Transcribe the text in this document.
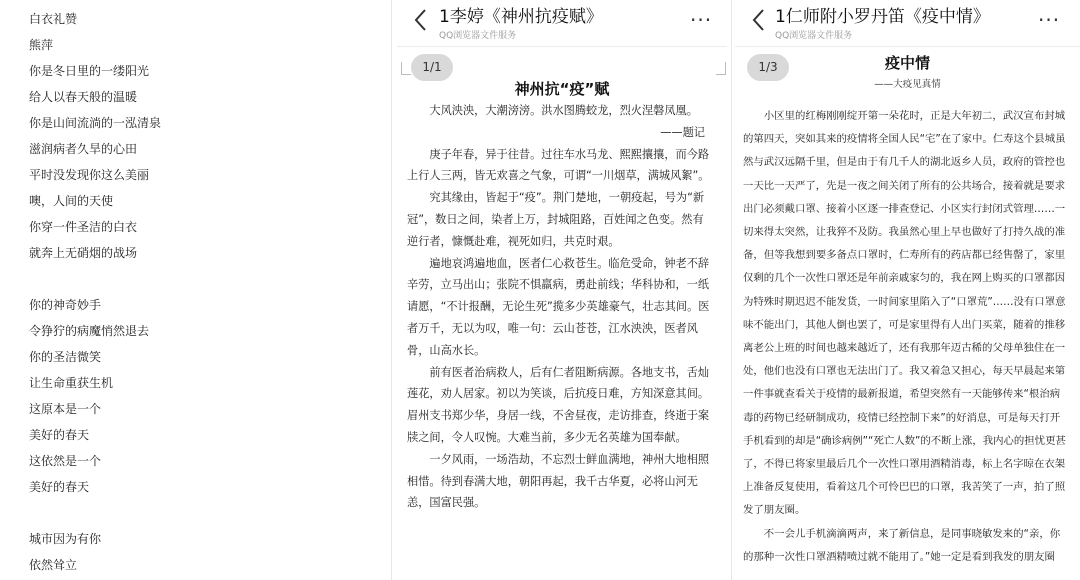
白衣礼赞
熊萍
你是冬日里的一缕阳光
给人以春天般的温暖
你是山间流淌的一泓清泉
滋润病者久旱的心田
平时没发现你这么美丽
噢，人间的天使
你穿一件圣洁的白衣
就奔上无硝烟的战场
你的神奇妙手
令狰狞的病魔悄然退去
你的圣洁微笑
让生命重获生机
这原本是一个
美好的春天
这依然是一个
美好的春天
城市因为有你
依然耸立
1李婷《神州抗疫赋》
QQ浏览器文件服务
···
1/1
神州抗“疫”赋

大风泱泱，大潮滂滂。洪水图腾蛟龙，烈火涅磐凤凰。

——题记

庚子年春，异于往昔。过往车水马龙、熙熙攘攘，而今路上行人三两，皆无欢喜之气象，可谓“一川烟草，满城风絮”。

究其缘由，皆起于“疫”。荆门楚地，一朝疫起，号为“新冠”，数日之间，染者上万，封城阻路，百姓闻之色变。然有逆行者，慷慨赴难，视死如归，共克时艰。

遍地哀鸿遍地血，医者仁心救苍生。临危受命，钟老不辞辛劳，立马出山；张院不惧羸病，勇赴前线；华科协和，一纸请愿，“不计报酬，无论生死”揽多少英雄豪气，壮志其间。医者万千，无以为叹，唯一句：云山苍苍，江水泱泱，医者风骨，山高水长。

前有医者治病救人，后有仁者阻断病源。各地支书，舌灿莲花，劝人居家。初以为笑谈，后抗疫日难，方知深意其间。眉州支书郑少华，身居一线，不舍昼夜，走访排查，终逝于案牍之间，令人叹惋。大难当前，多少无名英雄为国奉献。

一夕风雨，一场浩劫，不忘烈士鲜血满地，神州大地相照相惜。待到春满大地，朝阳再起，我千古华夏，必将山河无恙，国富民强。

1仁师附小罗丹笛《疫中情》
QQ浏览器文件服务
···
1/3	疫中情
——大疫见真情

小区里的红梅刚刚绽开第一朵花时，正是大年初二，武汉宣布封城的第四天，突如其来的疫情将全国人民“宅”在了家中。仁寿这个县城虽然与武汉远隔千里，但是由于有几千人的湖北返乡人员，政府的管控也一天比一天严了，先是一夜之间关闭了所有的公共场合，接着就是要求出门必须戴口罩、接着小区逐一排查登记、小区实行封闭式管理……一切来得太突然，让我猝不及防。我虽然心里上早也做好了打持久战的准备，但等我想到要多备点口罩时，仁寿所有的药店都已经售罄了，家里仅剩的几个一次性口罩还是年前亲戚家匀的，我在网上购买的口罩都因为特殊时期迟迟不能发货，一时间家里陷入了“口罩荒”……没有口罩意味不能出门，其他人倒也罢了，可是家里得有人出门买菜，随着的推移离老公上班的时间也越来越近了，还有我那年迈古稀的父母单独住在一处，他们也没有口罩也无法出门了。我又着急又担心，每天早晨起来第一件事就查看关于疫情的最新报道，希望突然有一天能够传来“根治病毒的药物已经研制成功，疫情已经控制下来”的好消息，可是每天打开手机看到的却是“确诊病例”“死亡人数”的不断上涨，我内心的担忧更甚了，不得已将家里最后几个一次性口罩用酒精消毒，标上名字晾在衣架上准备反复使用，看着这几个可怜巴巴的口罩，我苦笑了一声，拍了照发了朋友圈。

不一会儿手机滴滴两声，来了新信息，是同事晓敏发来的“亲，你的那种一次性口罩酒精喷过就不能用了。”她一定是看到我发的朋友圈
